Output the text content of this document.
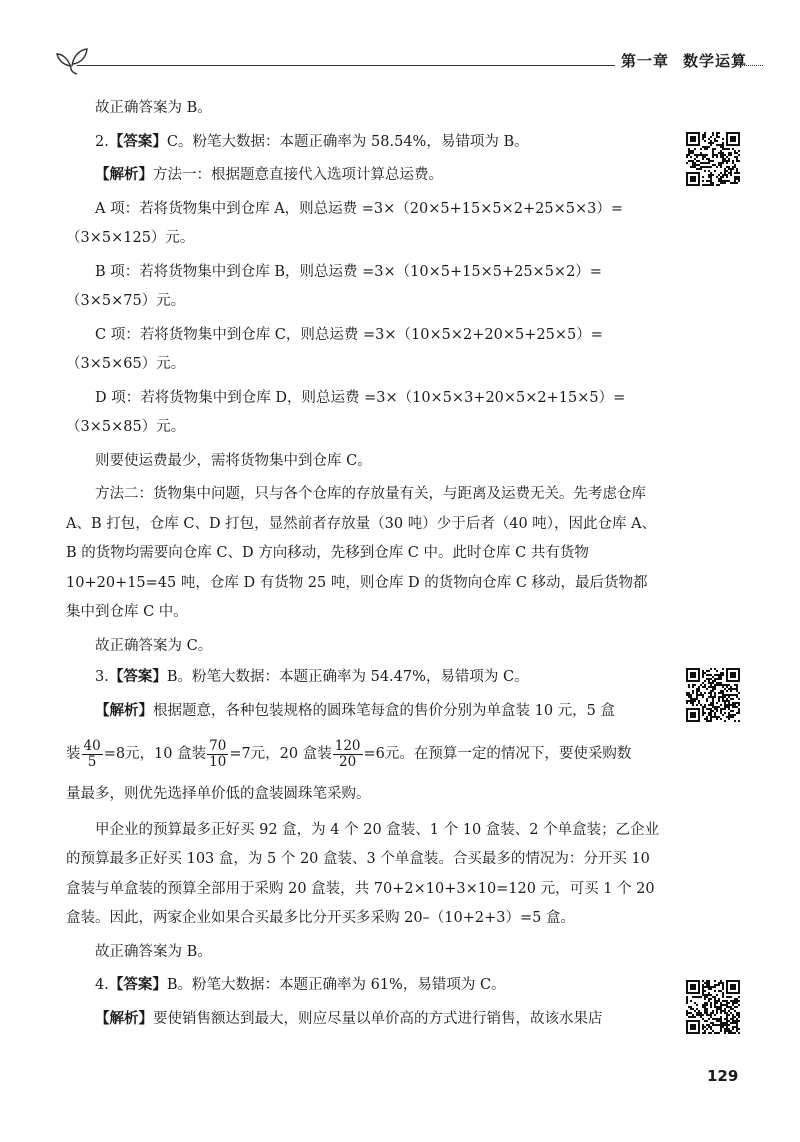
第一章 数学运算

故正确答案为 B。

2.【答案】C。粉笔大数据：本题正确率为 58.54%，易错项为 B。

【解析】方法一：根据题意直接代入选项计算总运费。

A 项：若将货物集中到仓库 A，则总运费 =3×（20×5+15×5×2+25×5×3）=（3×5×125）元。

B 项：若将货物集中到仓库 B，则总运费 =3×（10×5+15×5+25×5×2）=（3×5×75）元。

C 项：若将货物集中到仓库 C，则总运费 =3×（10×5×2+20×5+25×5）=（3×5×65）元。

D 项：若将货物集中到仓库 D，则总运费 =3×（10×5×3+20×5×2+15×5）=（3×5×85）元。

则要使运费最少，需将货物集中到仓库 C。

方法二：货物集中问题，只与各个仓库的存放量有关，与距离及运费无关。先考虑仓库 A、B 打包，仓库 C、D 打包，显然前者存放量（30 吨）少于后者（40 吨），因此仓库 A、B 的货物均需要向仓库 C、D 方向移动，先移到仓库 C 中。此时仓库 C 共有货物 10+20+15=45 吨，仓库 D 有货物 25 吨，则仓库 D 的货物向仓库 C 移动，最后货物都集中到仓库 C 中。

故正确答案为 C。

3.【答案】B。粉笔大数据：本题正确率为 54.47%，易错项为 C。

【解析】根据题意，各种包装规格的圆珠笔每盒的售价分别为单盒装 10 元，5 盒

装 $\frac{40}{5} =8$元，10 盒装 $\frac{70}{10} =7$元，20 盒装 $\frac{120}{20} =6$元。在预算一定的情况下，要使采购数

量最多，则优先选择单价低的盒装圆珠笔采购。

甲企业的预算最多正好买 92 盒，为 4 个 20 盒装、1 个 10 盒装、2 个单盒装；乙企业的预算最多正好买 103 盒，为 5 个 20 盒装、3 个单盒装。合买最多的情况为：分开买 10 盒装与单盒装的预算全部用于采购 20 盒装，共 70+2×10+3×10=120 元，可买 1 个 20 盒装。因此，两家企业如果合买最多比分开买多采购 20–（10+2+3）=5 盒。

故正确答案为 B。

4.【答案】B。粉笔大数据：本题正确率为 61%，易错项为 C。

【解析】要使销售额达到最大，则应尽量以单价高的方式进行销售，故该水果店

129
